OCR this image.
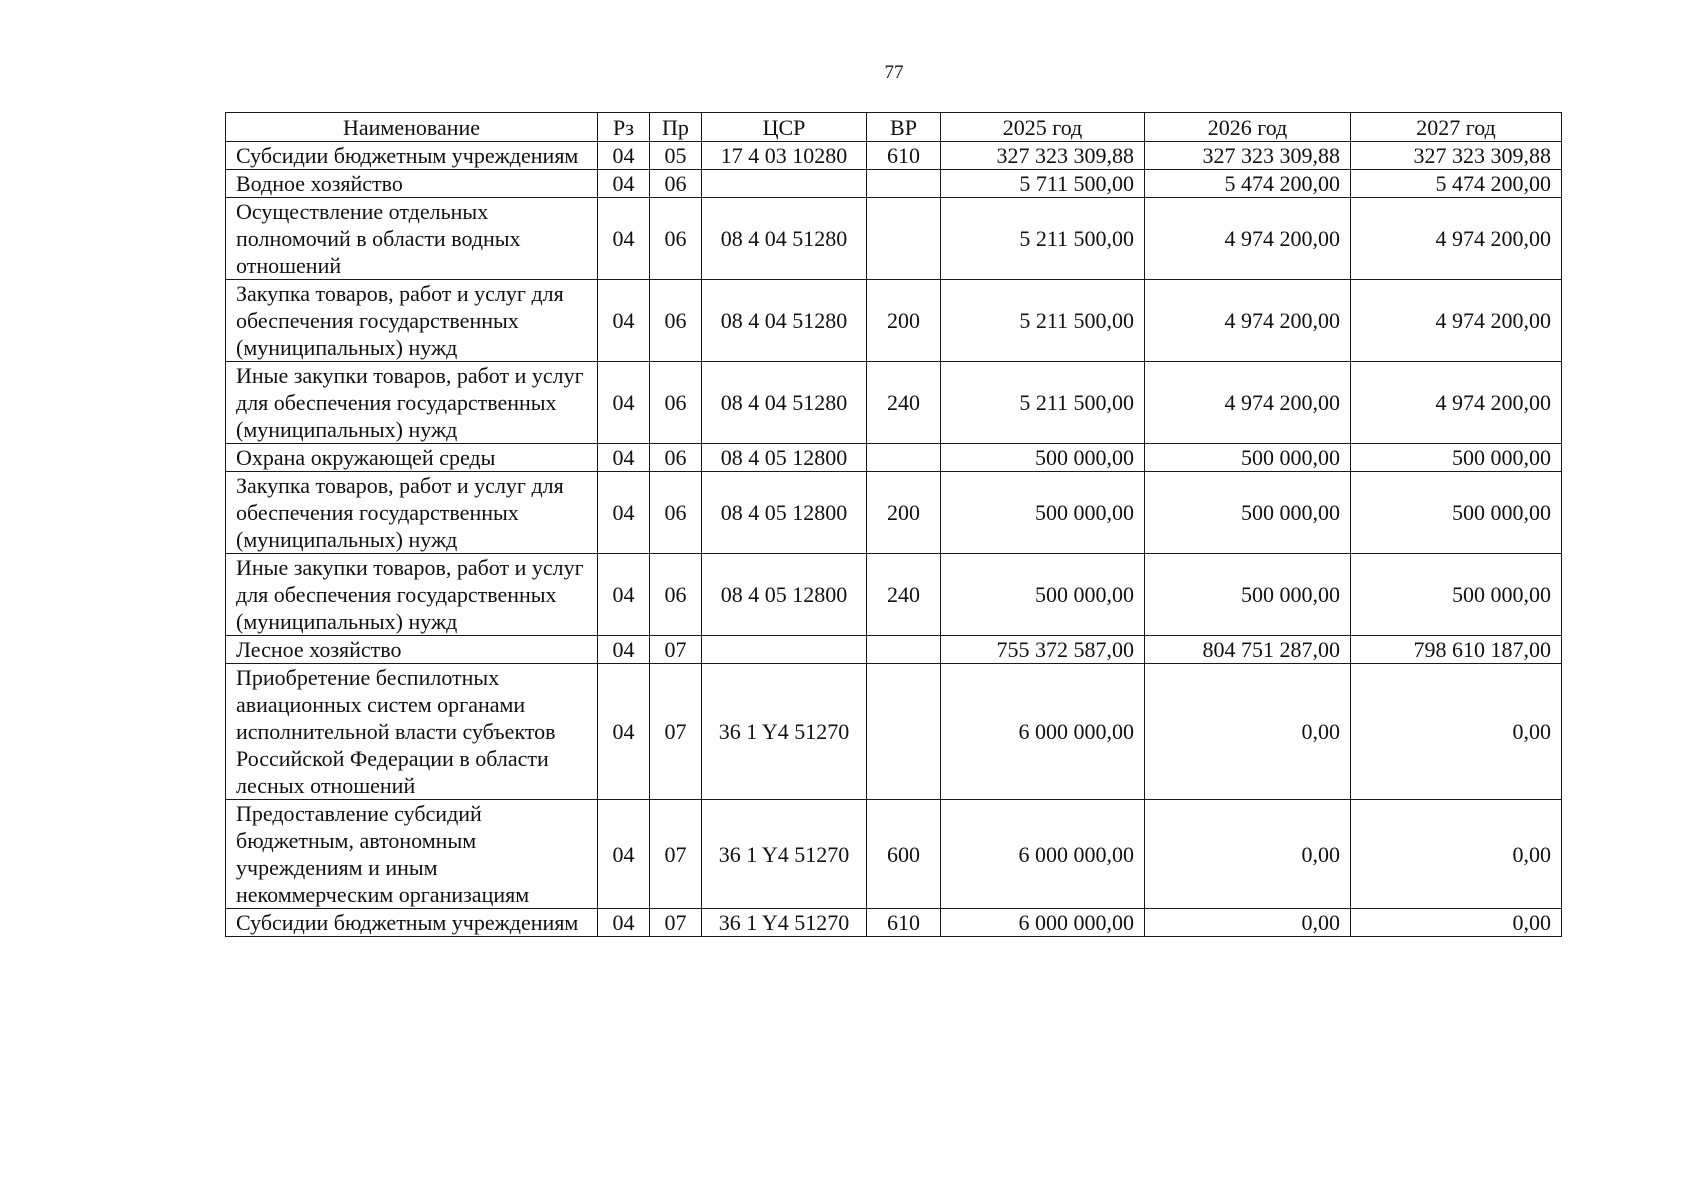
77
Наименование	Рз	Пр	ЦСР	ВР	2025 год	2026 год	2027 год
Субсидии бюджетным учреждениям	04	05	17 4 03 10280	610	327 323 309,88	327 323 309,88	327 323 309,88
Водное хозяйство	04	06			5 711 500,00	5 474 200,00	5 474 200,00
Осуществление отдельных полномочий в области водных отношений	04	06	08 4 04 51280		5 211 500,00	4 974 200,00	4 974 200,00
Закупка товаров, работ и услуг для обеспечения государственных (муниципальных) нужд	04	06	08 4 04 51280	200	5 211 500,00	4 974 200,00	4 974 200,00
Иные закупки товаров, работ и услуг для обеспечения государственных (муниципальных) нужд	04	06	08 4 04 51280	240	5 211 500,00	4 974 200,00	4 974 200,00
Охрана окружающей среды	04	06	08 4 05 12800		500 000,00	500 000,00	500 000,00
Закупка товаров, работ и услуг для обеспечения государственных (муниципальных) нужд	04	06	08 4 05 12800	200	500 000,00	500 000,00	500 000,00
Иные закупки товаров, работ и услуг для обеспечения государственных (муниципальных) нужд	04	06	08 4 05 12800	240	500 000,00	500 000,00	500 000,00
Лесное хозяйство	04	07			755 372 587,00	804 751 287,00	798 610 187,00
Приобретение беспилотных авиационных систем органами исполнительной власти субъектов Российской Федерации в области лесных отношений	04	07	36 1 Y4 51270		6 000 000,00	0,00	0,00
Предоставление субсидий бюджетным, автономным учреждениям и иным некоммерческим организациям	04	07	36 1 Y4 51270	600	6 000 000,00	0,00	0,00
Субсидии бюджетным учреждениям	04	07	36 1 Y4 51270	610	6 000 000,00	0,00	0,00
